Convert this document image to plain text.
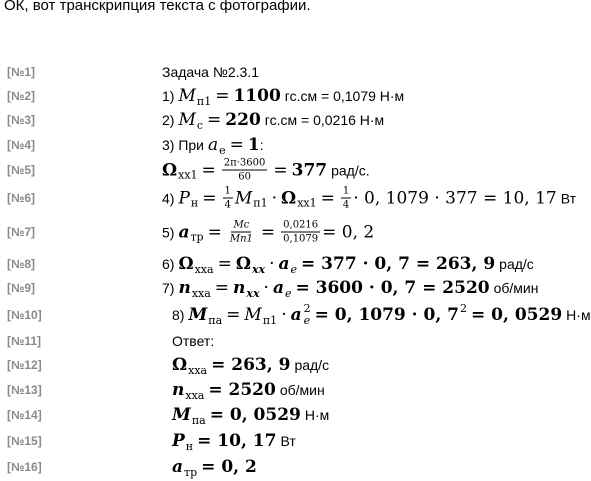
ОК, вот транскрипция текста с фотографии.
[№1]	Задача №2.3.1
[№2]	1) M п1 = 1100 гс.см = 0,1079 Н·м
[№3]	2) M с = 220 гс.см = 0,0216 Н·м
[№4]	3) При a e = 1 :
[№5]	Ω $хх1 = \frac{2\pi\cdot 3600}{60} = 377$ рад/с.
[№6]	4) P $н = \frac{1}{4}$ M п1 · Ω $хх1 = \frac{1}{4} \cdot 0$, 1079 · 377 = 10, 17 Вт
[№7]	5) a тр = $\frac{Mс}{Mп1} = \frac{0,0216}{0,1079} = 0$, 2
[№8]	6) Ω ххa = Ω xx · a e = 377 · 0, 7 = 263, 9 рад/с
[№9]	7) n хха = n xx · a e = 3600 · 0, 7 = 2520 об/мин
[№10]	8) M па = M п1 · a 2
e = 0, 1079 · 0, 7 2 = 0, 0529 Н·м
[№11]	Ответ:
[№12]	Ω хха = 263, 9 рад/с
[№13]	n хха = 2520 об/мин
[№14]	M па = 0, 0529 Н·м
[№15]	P н = 10, 17 Вт
[№16]	a тр = 0, 2
